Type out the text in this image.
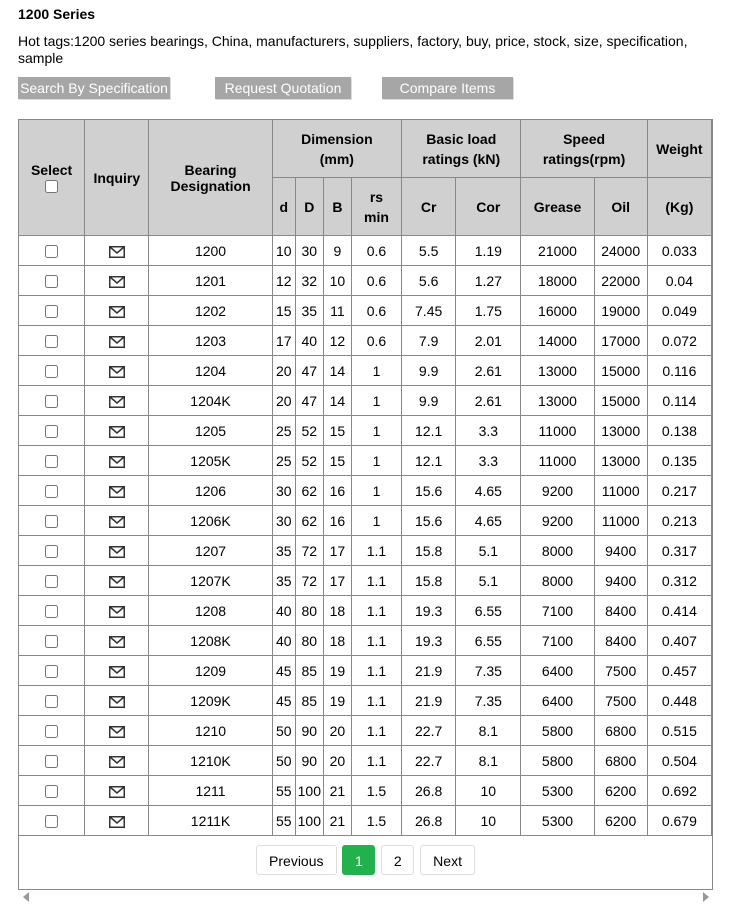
1200 Series
Hot tags:1200 series bearings, China, manufacturers, suppliers, factory, buy, price, stock, size, specification, sample
Search By Specification	Request Quotation	Compare Items
Select	Inquiry	Bearing Designation	Dimension (mm)				Basic load ratings (kN)		Speed ratings(rpm)		Weight
			d	D	B	rs min	Cr	Cor	Grease	Oil	(Kg)
		1200	10	30	9	0.6	5.5	1.19	21000	24000	0.033
		1201	12	32	10	0.6	5.6	1.27	18000	22000	0.04
		1202	15	35	11	0.6	7.45	1.75	16000	19000	0.049
		1203	17	40	12	0.6	7.9	2.01	14000	17000	0.072
		1204	20	47	14	1	9.9	2.61	13000	15000	0.116
		1204K	20	47	14	1	9.9	2.61	13000	15000	0.114
		1205	25	52	15	1	12.1	3.3	11000	13000	0.138
		1205K	25	52	15	1	12.1	3.3	11000	13000	0.135
		1206	30	62	16	1	15.6	4.65	9200	11000	0.217
		1206K	30	62	16	1	15.6	4.65	9200	11000	0.213
		1207	35	72	17	1.1	15.8	5.1	8000	9400	0.317
		1207K	35	72	17	1.1	15.8	5.1	8000	9400	0.312
		1208	40	80	18	1.1	19.3	6.55	7100	8400	0.414
		1208K	40	80	18	1.1	19.3	6.55	7100	8400	0.407
		1209	45	85	19	1.1	21.9	7.35	6400	7500	0.457
		1209K	45	85	19	1.1	21.9	7.35	6400	7500	0.448
		1210	50	90	20	1.1	22.7	8.1	5800	6800	0.515
		1210K	50	90	20	1.1	22.7	8.1	5800	6800	0.504
		1211	55	100	21	1.5	26.8	10	5300	6200	0.692
		1211K	55	100	21	1.5	26.8	10	5300	6200	0.679
Previous 1 2 Next
